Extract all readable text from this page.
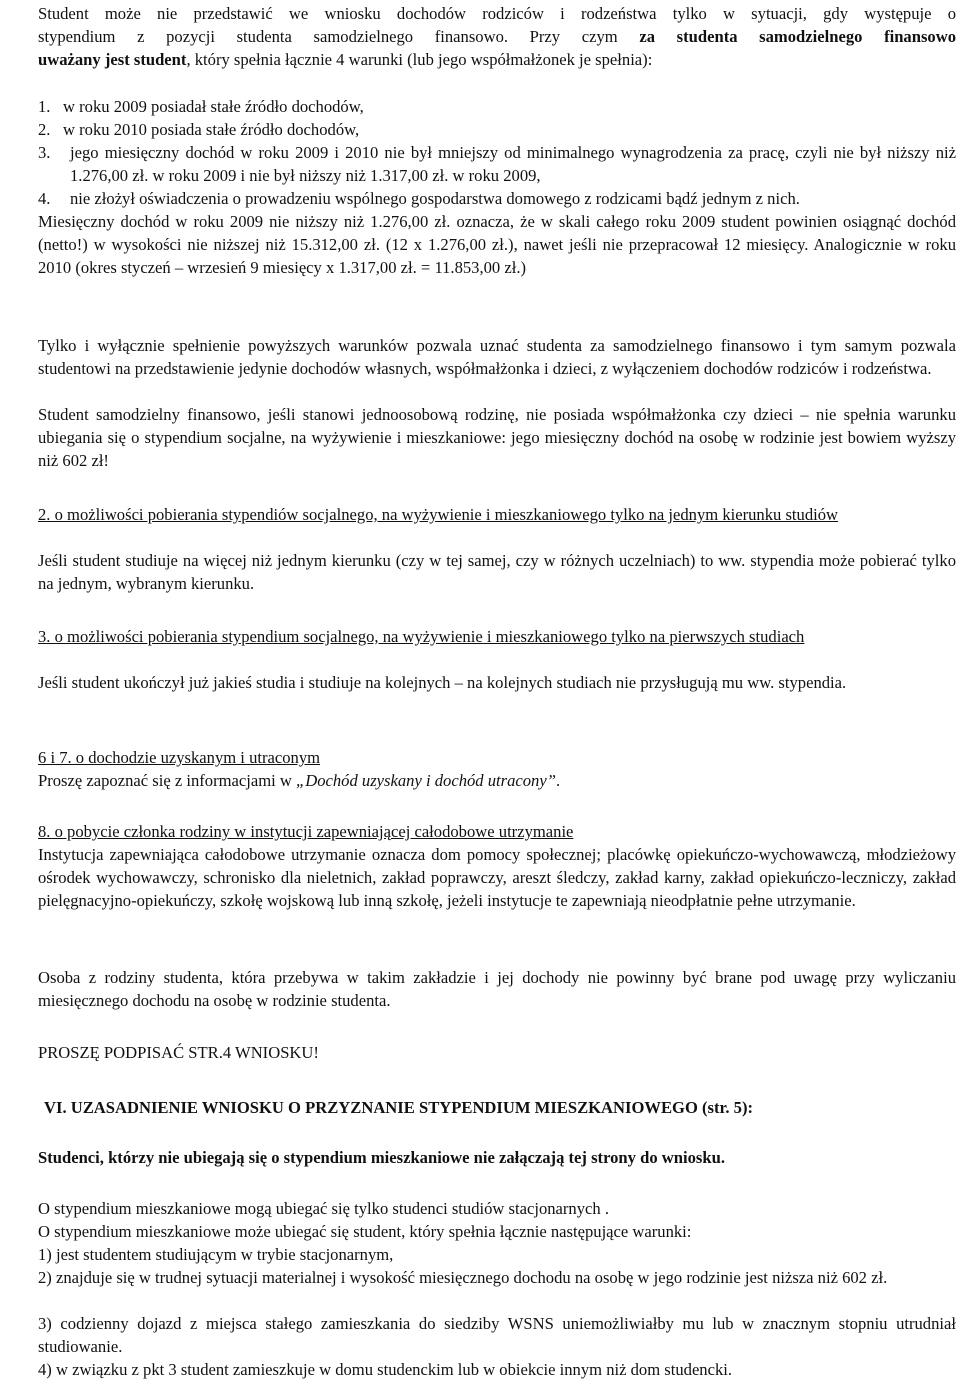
Student może nie przedstawić we wniosku dochodów rodziców i rodzeństwa tylko w sytuacji, gdy występuje o
stypendium z pozycji studenta samodzielnego finansowo. Przy czym za studenta samodzielnego finansowo
uważany jest student, który spełnia łącznie 4 warunki (lub jego współmałżonek je spełnia):
1. w roku 2009 posiadał stałe źródło dochodów,
2. w roku 2010 posiada stałe źródło dochodów,
3. jego miesięczny dochód w roku 2009 i 2010 nie był mniejszy od minimalnego wynagrodzenia za pracę, czyli nie był niższy niż 1.276,00 zł. w roku 2009 i nie był niższy niż 1.317,00 zł. w roku 2009,
4. nie złożył oświadczenia o prowadzeniu wspólnego gospodarstwa domowego z rodzicami bądź jednym z nich.
Miesięczny dochód w roku 2009 nie niższy niż 1.276,00 zł. oznacza, że w skali całego roku 2009 student powinien osiągnąć dochód (netto!) w wysokości nie niższej niż 15.312,00 zł. (12 x 1.276,00 zł.), nawet jeśli nie przepracował 12 miesięcy. Analogicznie w roku 2010 (okres styczeń – wrzesień 9 miesięcy x 1.317,00 zł. = 11.853,00 zł.)
Tylko i wyłącznie spełnienie powyższych warunków pozwala uznać studenta za samodzielnego finansowo i tym samym pozwala studentowi na przedstawienie jedynie dochodów własnych, współmałżonka i dzieci, z wyłączeniem dochodów rodziców i rodzeństwa.
Student samodzielny finansowo, jeśli stanowi jednoosobową rodzinę, nie posiada współmałżonka czy dzieci – nie spełnia warunku ubiegania się o stypendium socjalne, na wyżywienie i mieszkaniowe: jego miesięczny dochód na osobę w rodzinie jest bowiem wyższy niż 602 zł!
2. o możliwości pobierania stypendiów socjalnego, na wyżywienie i mieszkaniowego tylko na jednym kierunku studiów
Jeśli student studiuje na więcej niż jednym kierunku (czy w tej samej, czy w różnych uczelniach) to ww. stypendia może pobierać tylko na jednym, wybranym kierunku.
3. o możliwości pobierania stypendium socjalnego, na wyżywienie i mieszkaniowego tylko na pierwszych studiach
Jeśli student ukończył już jakieś studia i studiuje na kolejnych – na kolejnych studiach nie przysługują mu ww. stypendia.
6 i 7. o dochodzie uzyskanym i utraconym
Proszę zapoznać się z informacjami w „Dochód uzyskany i dochód utracony”.
8. o pobycie członka rodziny w instytucji zapewniającej całodobowe utrzymanie
Instytucja zapewniająca całodobowe utrzymanie oznacza dom pomocy społecznej; placówkę opiekuńczo-wychowawczą, młodzieżowy ośrodek wychowawczy, schronisko dla nieletnich, zakład poprawczy, areszt śledczy, zakład karny, zakład opiekuńczo-leczniczy, zakład pielęgnacyjno-opiekuńczy, szkołę wojskową lub inną szkołę, jeżeli instytucje te zapewniają nieodpłatnie pełne utrzymanie.
Osoba z rodziny studenta, która przebywa w takim zakładzie i jej dochody nie powinny być brane pod uwagę przy wyliczaniu miesięcznego dochodu na osobę w rodzinie studenta.
PROSZĘ PODPISAĆ STR.4 WNIOSKU!
VI. UZASADNIENIE WNIOSKU O PRZYZNANIE STYPENDIUM MIESZKANIOWEGO (str. 5):
Studenci, którzy nie ubiegają się o stypendium mieszkaniowe nie załączają tej strony do wniosku.
O stypendium mieszkaniowe mogą ubiegać się tylko studenci studiów stacjonarnych .
O stypendium mieszkaniowe może ubiegać się student, który spełnia łącznie następujące warunki:
1) jest studentem studiującym w trybie stacjonarnym,
2) znajduje się w trudnej sytuacji materialnej i wysokość miesięcznego dochodu na osobę w jego rodzinie jest niższa niż 602 zł.
3) codzienny dojazd z miejsca stałego zamieszkania do siedziby WSNS uniemożliwiałby mu lub w znacznym stopniu utrudniał studiowanie.
4) w związku z pkt 3 student zamieszkuje w domu studenckim lub w obiekcie innym niż dom studencki.
